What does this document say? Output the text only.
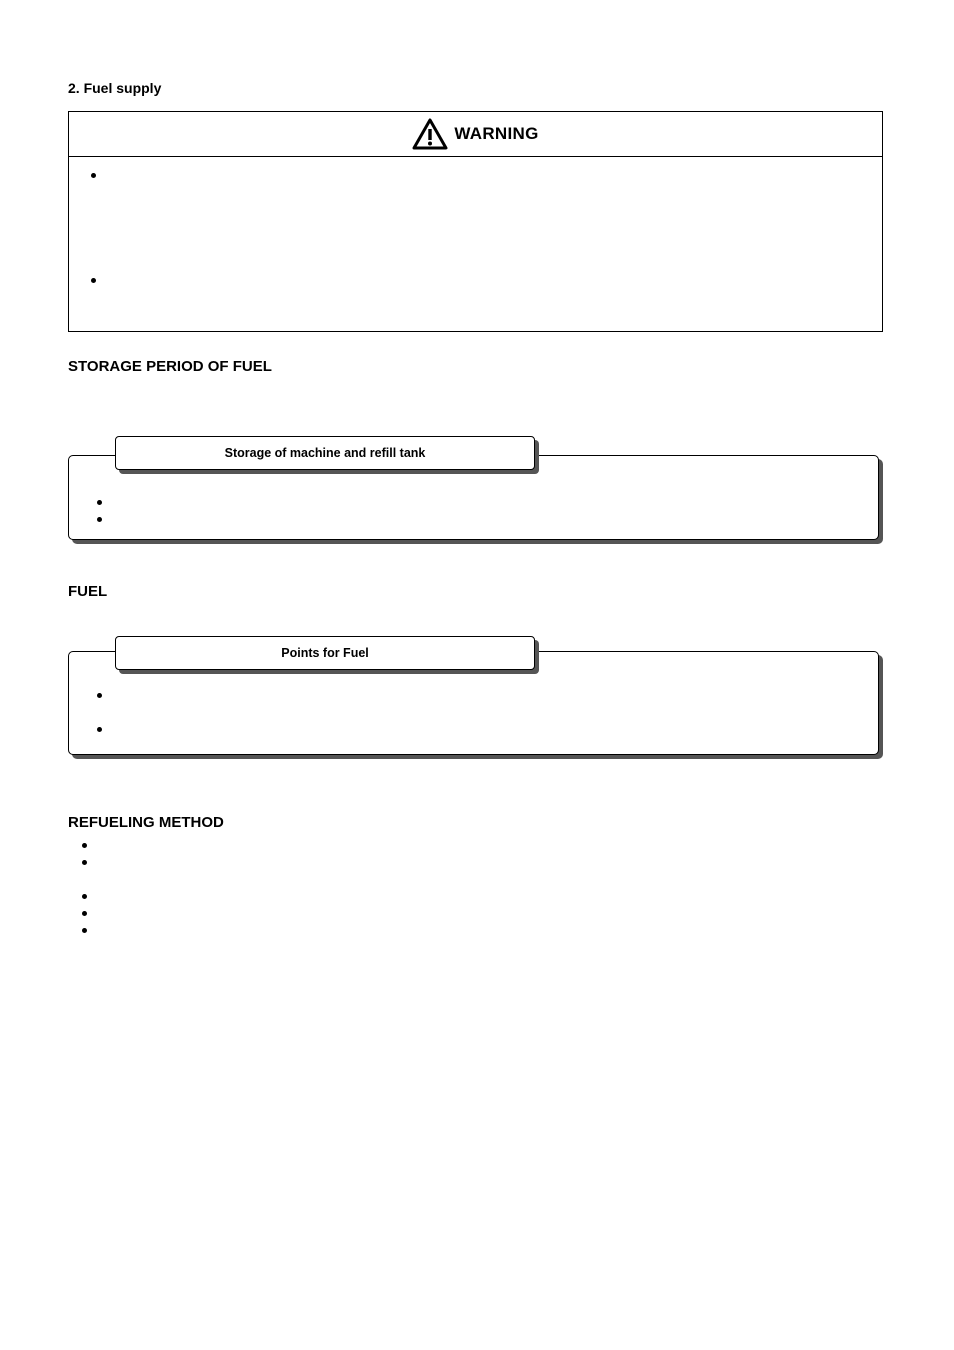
2. Fuel supply
WARNING
STORAGE PERIOD OF FUEL
Storage of machine and refill tank
FUEL
Points for Fuel
REFUELING METHOD
